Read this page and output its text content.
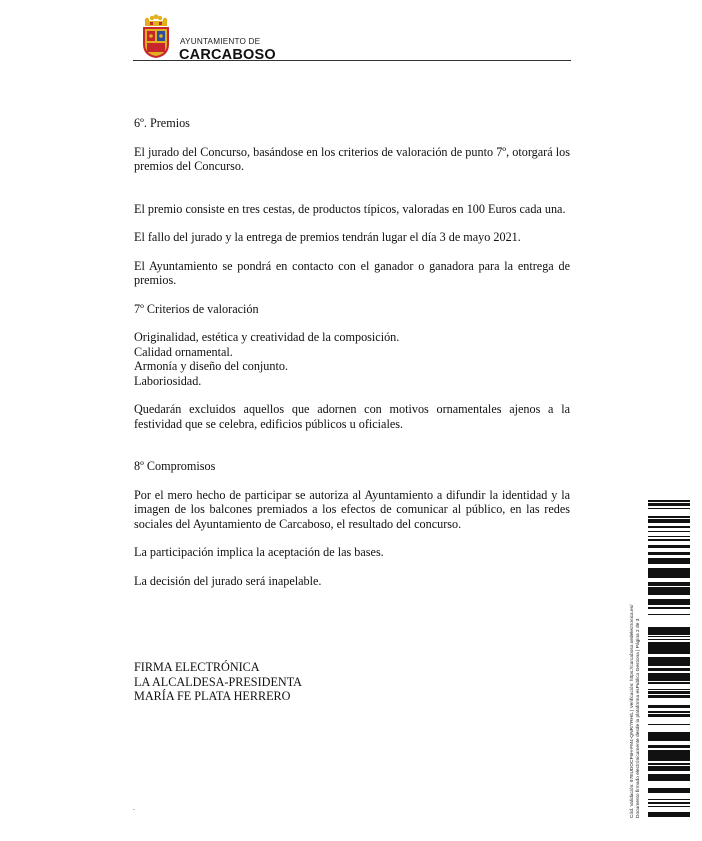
AYUNTAMIENTO DE
CARCABOSO

6º. Premios

El jurado del Concurso, basándose en los criterios de valoración de punto 7º, otorgará los premios del Concurso.

El premio consiste en tres cestas, de productos típicos, valoradas en 100 Euros cada una.

El fallo del jurado y la entrega de premios tendrán lugar el día 3 de mayo 2021.

El Ayuntamiento se pondrá en contacto con el ganador o ganadora para la entrega de premios.

7º Criterios de valoración

Originalidad, estética y creatividad de la composición.

Calidad ornamental.

Armonía y diseño del conjunto.

Laboriosidad.

Quedarán excluidos aquellos que adornen con motivos ornamentales ajenos a la festividad que se celebra, edificios públicos u oficiales.

8º Compromisos

Por el mero hecho de participar se autoriza al Ayuntamiento a difundir la identidad y la imagen de los balcones premiados a los efectos de comunicar al público, en las redes sociales del Ayuntamiento de Carcaboso, el resultado del concurso.

La participación implica la aceptación de las bases.

La decisión del jurado será inapelable.

FIRMA ELECTRÓNICA

LA ALCALDESA-PRESIDENTA

MARÍA FE PLATA HERRERO	Cód. Validación: 97EUDOCF6H-FM4-QNR/7RH/L | Verificación: https://carcaboso.sedelectronica.es/ Documento firmado electrónicamente desde la plataforma esPublico Gestiona | Página 2 de 3
.
